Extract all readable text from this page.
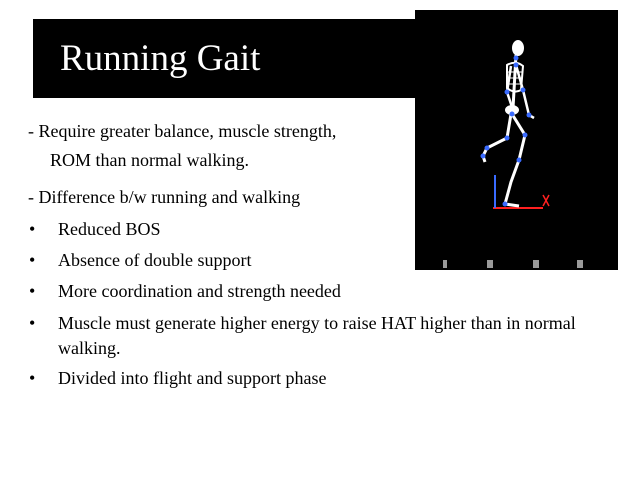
Running Gait
- Require greater balance, muscle strength,
ROM than normal walking.
- Difference b/w running and walking
• Reduced BOS
• Absence of double support
• More coordination and strength needed
• Muscle must generate higher energy to raise HAT higher than in normal walking.
• Divided into flight and support phase
